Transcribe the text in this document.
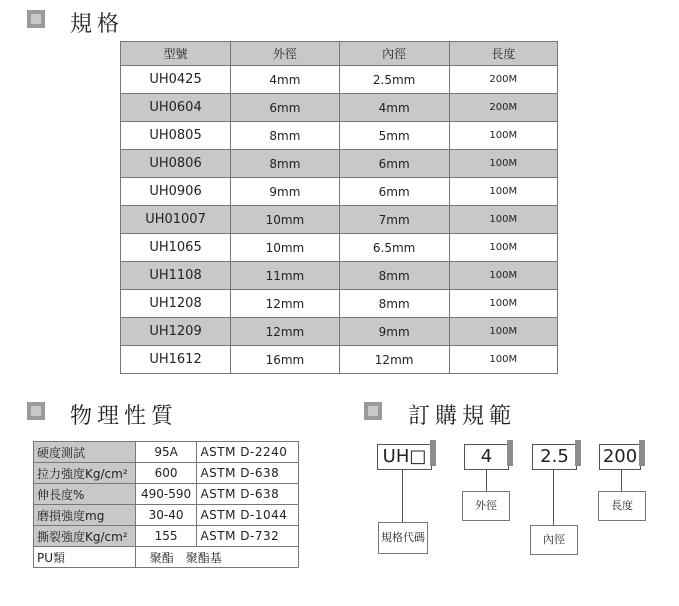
規格
型號	外徑	內徑	長度
UH0425	4mm	2.5mm	200M
UH0604	6mm	4mm	200M
UH0805	8mm	5mm	100M
UH0806	8mm	6mm	100M
UH0906	9mm	6mm	100M
UH01007	10mm	7mm	100M
UH1065	10mm	6.5mm	100M
UH1108	11mm	8mm	100M
UH1208	12mm	8mm	100M
UH1209	12mm	9mm	100M
UH1612	16mm	12mm	100M
物理性質
硬度測試	95A	ASTM D-2240
拉力強度Kg/cm²	600	ASTM D-638
伸長度%	490-590	ASTM D-638
磨損強度mg	30-40	ASTM D-1044
撕裂強度Kg/cm²	155	ASTM D-732
PU類	聚酯　聚酯基	
訂購規範
UH□	4	2.5	200
規格代碼
外徑
內徑
長度
